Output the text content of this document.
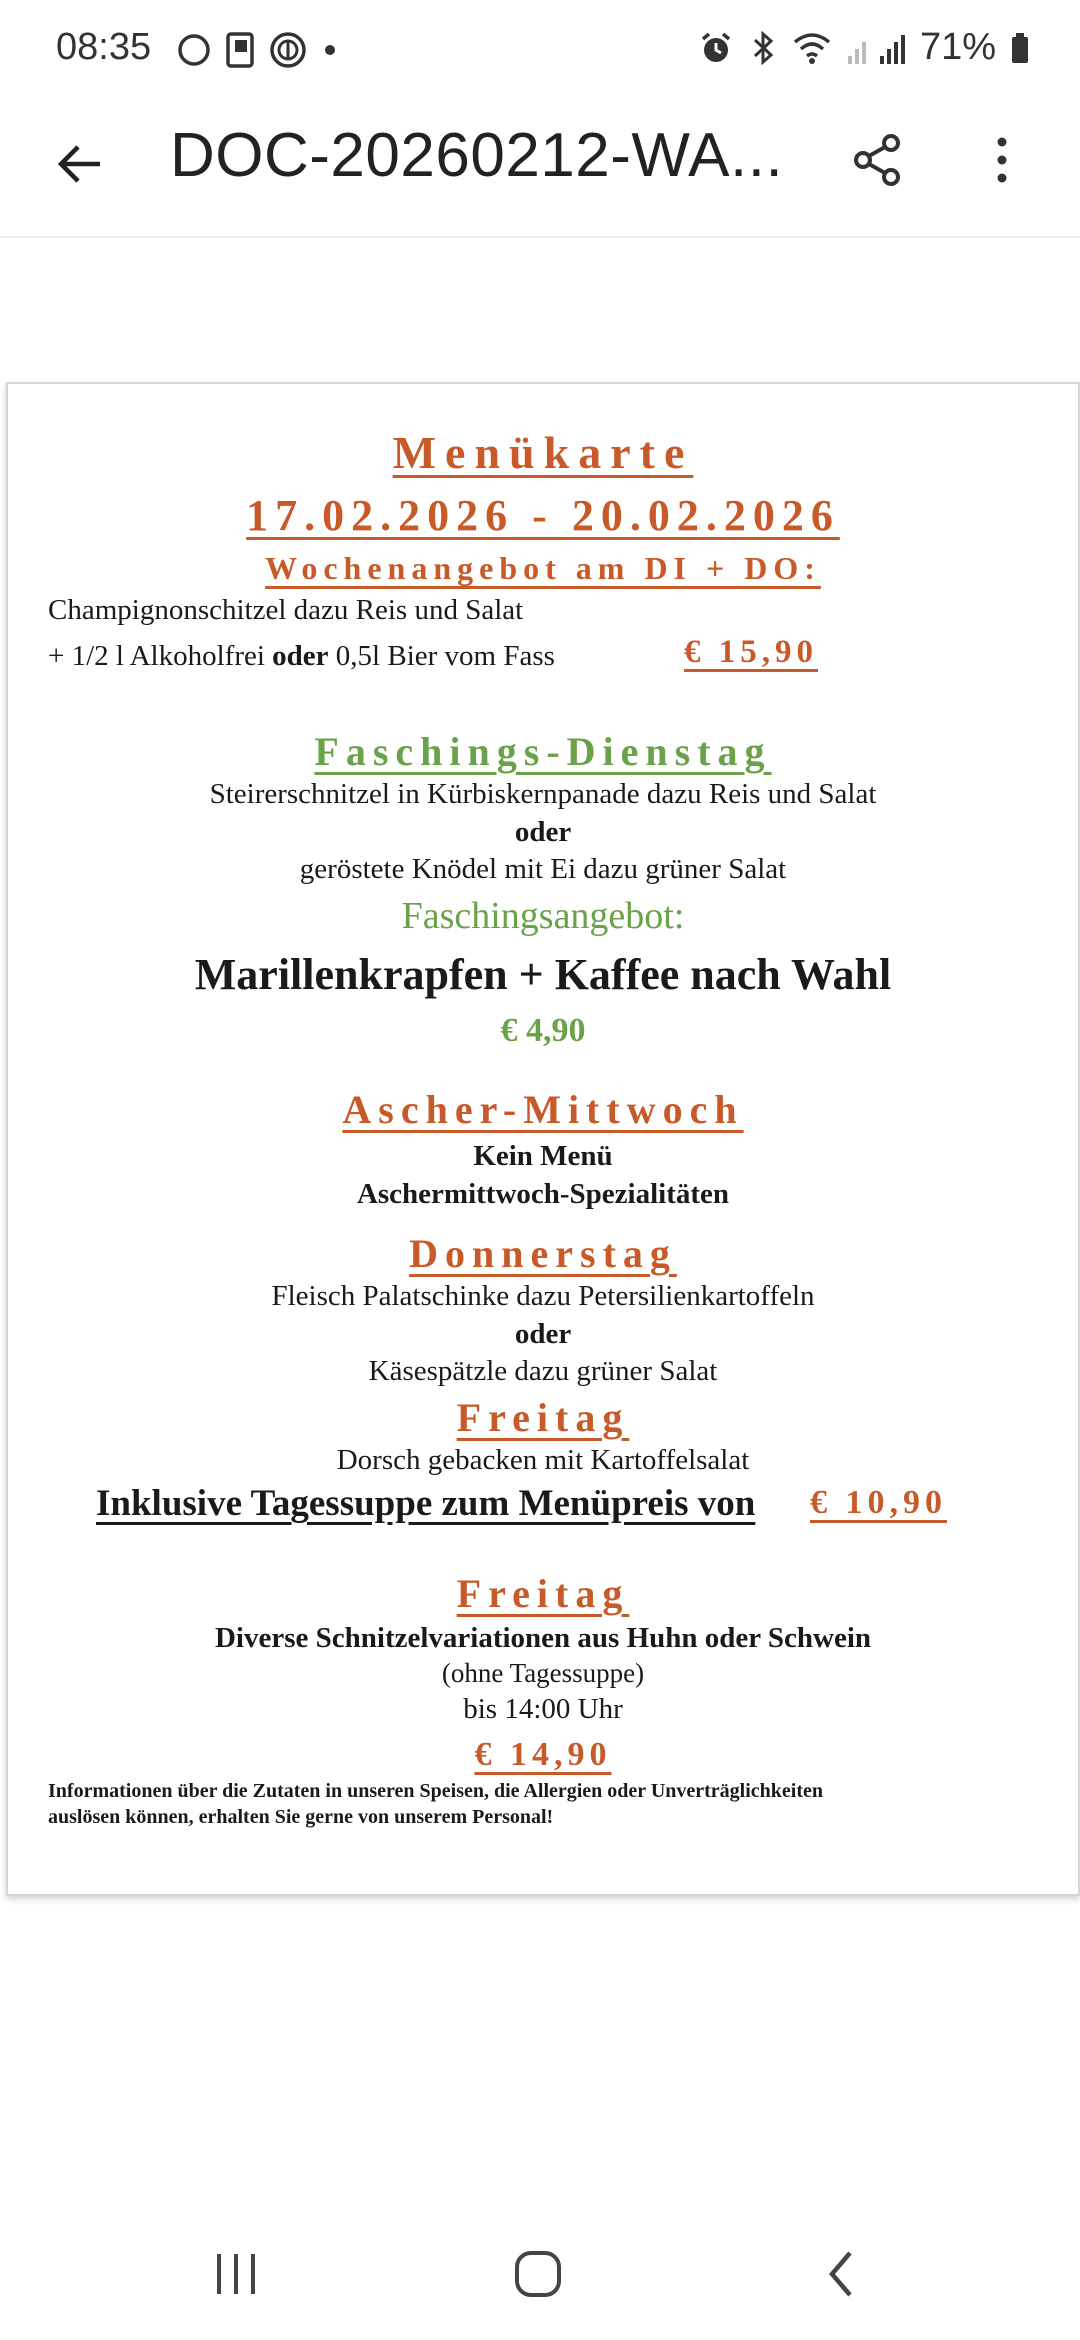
08:35	71%
DOC-20260212-WA...
Menükarte
17.02.2026 - 20.02.2026
Wochenangebot am DI + DO:
Champignonschitzel dazu Reis und Salat
+ 1/2 l Alkoholfrei oder 0,5l Bier vom Fass	€ 15,90
Faschings-Dienstag
Steirerschnitzel in Kürbiskernpanade dazu Reis und Salat
oder
geröstete Knödel mit Ei dazu grüner Salat
Faschingsangebot:
Marillenkrapfen + Kaffee nach Wahl
€ 4,90
Ascher-Mittwoch
Kein Menü
Aschermittwoch-Spezialitäten
Donnerstag
Fleisch Palatschinke dazu Petersilienkartoffeln
oder
Käsespätzle dazu grüner Salat
Freitag
Dorsch gebacken mit Kartoffelsalat
Inklusive Tagessuppe zum Menüpreis von € 10,90
Freitag
Diverse Schnitzelvariationen aus Huhn oder Schwein
(ohne Tagessuppe)
bis 14:00 Uhr
€ 14,90
Informationen über die Zutaten in unseren Speisen, die Allergien oder Unverträglichkeiten
auslösen können, erhalten Sie gerne von unserem Personal!
